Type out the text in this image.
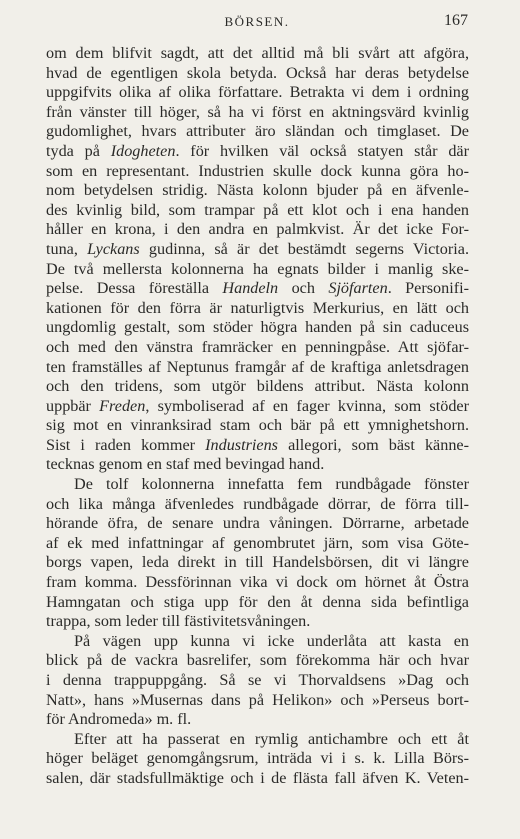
BÖRSEN.	167
om dem blifvit sagdt, att det alltid må bli svårt att afgöra,
hvad de egentligen skola betyda. Också har deras betydelse
uppgifvits olika af olika författare. Betrakta vi dem i ordning
från vänster till höger, så ha vi först en aktningsvärd kvinlig
gudomlighet, hvars attributer äro sländan och timglaset. De
tyda på Idogheten. för hvilken väl också statyen står där
som en representant. Industrien skulle dock kunna göra ho-
nom betydelsen stridig. Nästa kolonn bjuder på en äfvenle-
des kvinlig bild, som trampar på ett klot och i ena handen
håller en krona, i den andra en palmkvist. Är det icke For-
tuna, Lyckans gudinna, så är det bestämdt segerns Victoria.
De två mellersta kolonnerna ha egnats bilder i manlig ske-
pelse. Dessa föreställa Handeln och Sjöfarten. Personifi-
kationen för den förra är naturligtvis Merkurius, en lätt och
ungdomlig gestalt, som stöder högra handen på sin caduceus
och med den vänstra framräcker en penningpåse. Att sjöfar-
ten framställes af Neptunus framgår af de kraftiga anletsdragen
och den tridens, som utgör bildens attribut. Nästa kolonn
uppbär Freden, symboliserad af en fager kvinna, som stöder
sig mot en vinranksirad stam och bär på ett ymnighetshorn.
Sist i raden kommer Industriens allegori, som bäst känne-
tecknas genom en staf med bevingad hand.
De tolf kolonnerna innefatta fem rundbågade fönster
och lika många äfvenledes rundbågade dörrar, de förra till-
hörande öfra, de senare undra våningen. Dörrarne, arbetade
af ek med infattningar af genombrutet järn, som visa Göte-
borgs vapen, leda direkt in till Handelsbörsen, dit vi längre
fram komma. Dessförinnan vika vi dock om hörnet åt Östra
Hamngatan och stiga upp för den åt denna sida befintliga
trappa, som leder till fästivitetsvåningen.
På vägen upp kunna vi icke underlåta att kasta en
blick på de vackra basrelifer, som förekomma här och hvar
i denna trappuppgång. Så se vi Thorvaldsens »Dag och
Natt», hans »Musernas dans på Helikon» och »Perseus bort-
för Andromeda» m. fl.
Efter att ha passerat en rymlig antichambre och ett åt
höger beläget genomgångsrum, inträda vi i s. k. Lilla Börs-
salen, där stadsfullmäktige och i de flästa fall äfven K. Veten-
